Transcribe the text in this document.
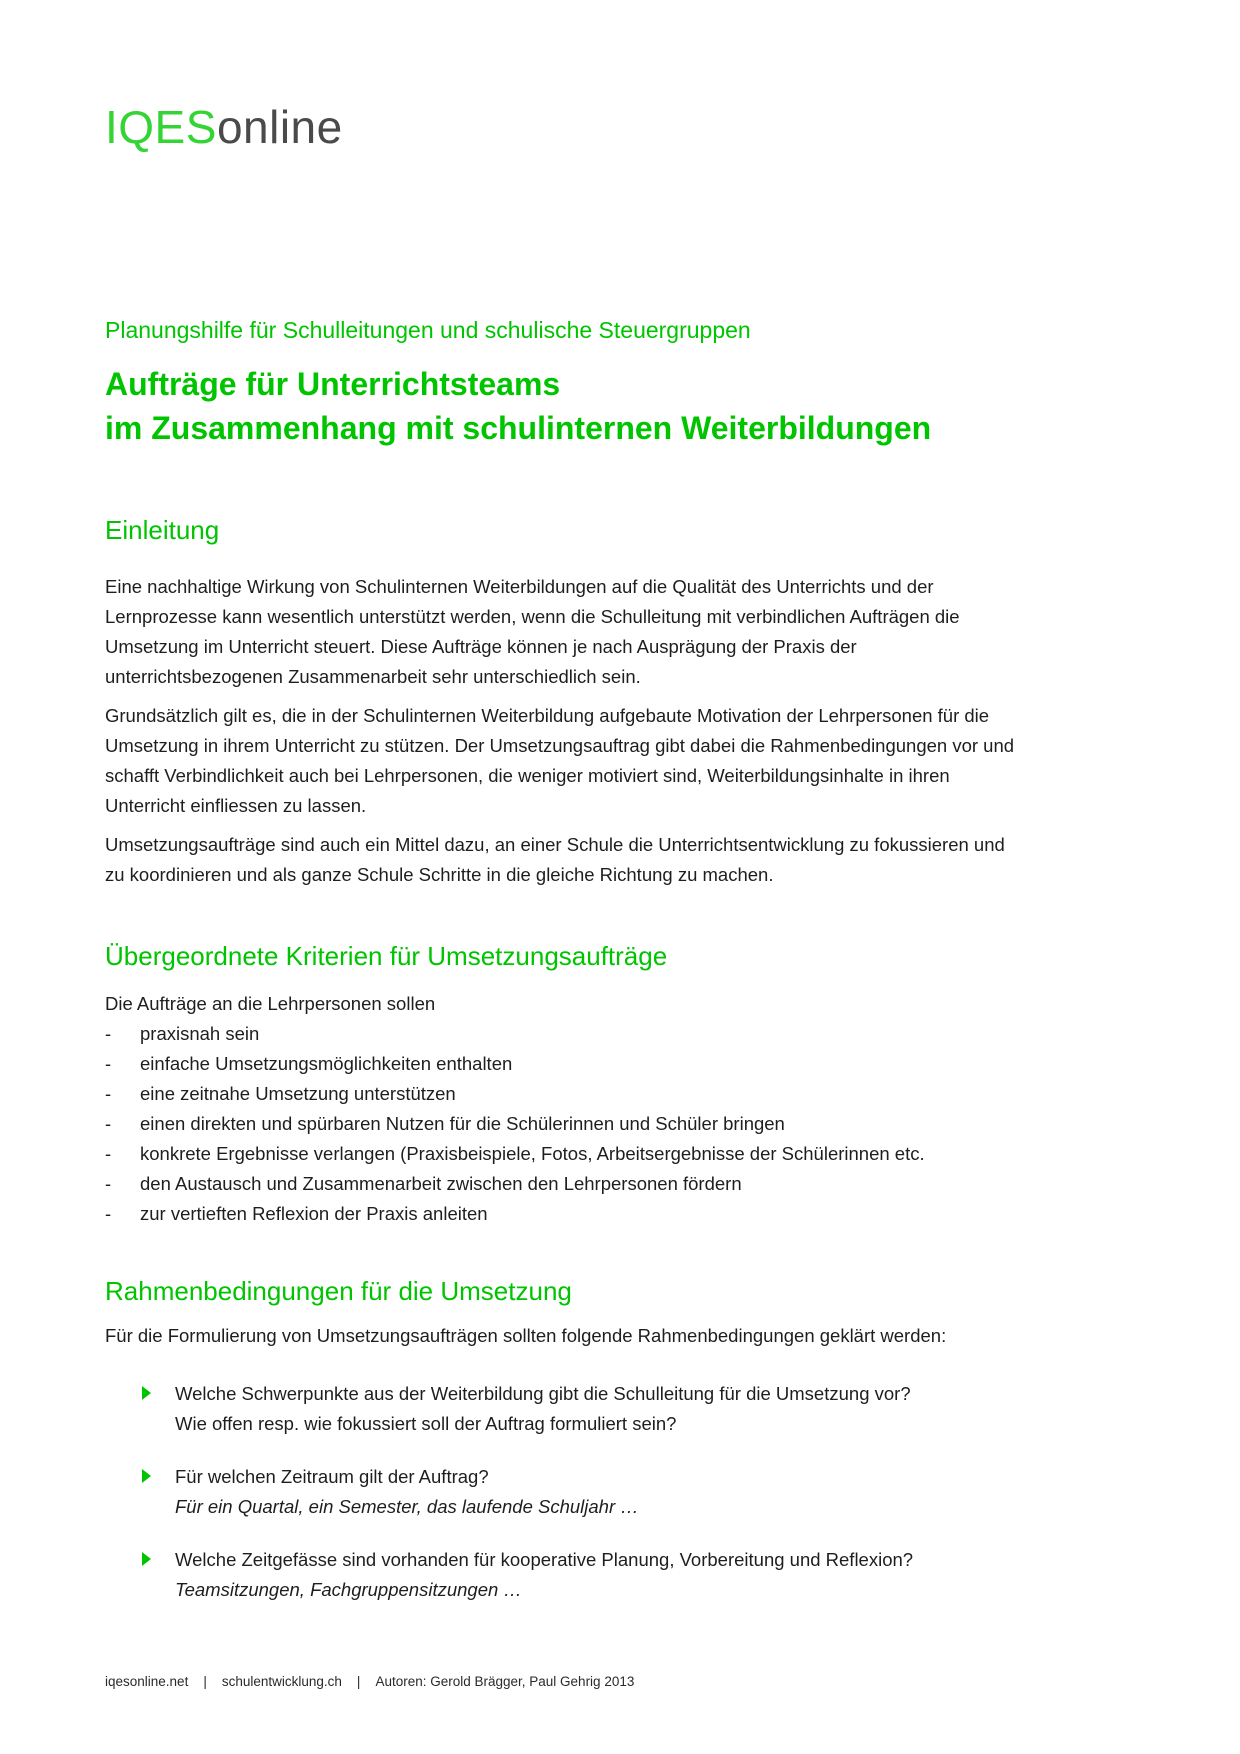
IQESonline
Planungshilfe für Schulleitungen und schulische Steuergruppen
Aufträge für Unterrichtsteams
im Zusammenhang mit schulinternen Weiterbildungen
Einleitung

Eine nachhaltige Wirkung von Schulinternen Weiterbildungen auf die Qualität des Unterrichts und der Lernprozesse kann wesentlich unterstützt werden, wenn die Schulleitung mit verbindlichen Aufträgen die Umsetzung im Unterricht steuert. Diese Aufträge können je nach Ausprägung der Praxis der unterrichtsbezogenen Zusammenarbeit sehr unterschiedlich sein.

Grundsätzlich gilt es, die in der Schulinternen Weiterbildung aufgebaute Motivation der Lehrpersonen für die Umsetzung in ihrem Unterricht zu stützen. Der Umsetzungsauftrag gibt dabei die Rahmenbedingungen vor und schafft Verbindlichkeit auch bei Lehrpersonen, die weniger motiviert sind, Weiterbildungsinhalte in ihren Unterricht einfliessen zu lassen.

Umsetzungsaufträge sind auch ein Mittel dazu, an einer Schule die Unterrichtsentwicklung zu fokussieren und zu koordinieren und als ganze Schule Schritte in die gleiche Richtung zu machen.

Übergeordnete Kriterien für Umsetzungsaufträge

Die Aufträge an die Lehrpersonen sollen

-	praxisnah sein
-	einfache Umsetzungsmöglichkeiten enthalten
-	eine zeitnahe Umsetzung unterstützen
-	einen direkten und spürbaren Nutzen für die Schülerinnen und Schüler bringen
-	konkrete Ergebnisse verlangen (Praxisbeispiele, Fotos, Arbeitsergebnisse der Schülerinnen etc.
-	den Austausch und Zusammenarbeit zwischen den Lehrpersonen fördern
-	zur vertieften Reflexion der Praxis anleiten
Rahmenbedingungen für die Umsetzung

Für die Formulierung von Umsetzungsaufträgen sollten folgende Rahmenbedingungen geklärt werden:

Welche Schwerpunkte aus der Weiterbildung gibt die Schulleitung für die Umsetzung vor?
Wie offen resp. wie fokussiert soll der Auftrag formuliert sein?
Für welchen Zeitraum gilt der Auftrag?
Für ein Quartal, ein Semester, das laufende Schuljahr …
Welche Zeitgefässe sind vorhanden für kooperative Planung, Vorbereitung und Reflexion?
Teamsitzungen, Fachgruppensitzungen …
iqesonline.net | schulentwicklung.ch | Autoren: Gerold Brägger, Paul Gehrig 2013
